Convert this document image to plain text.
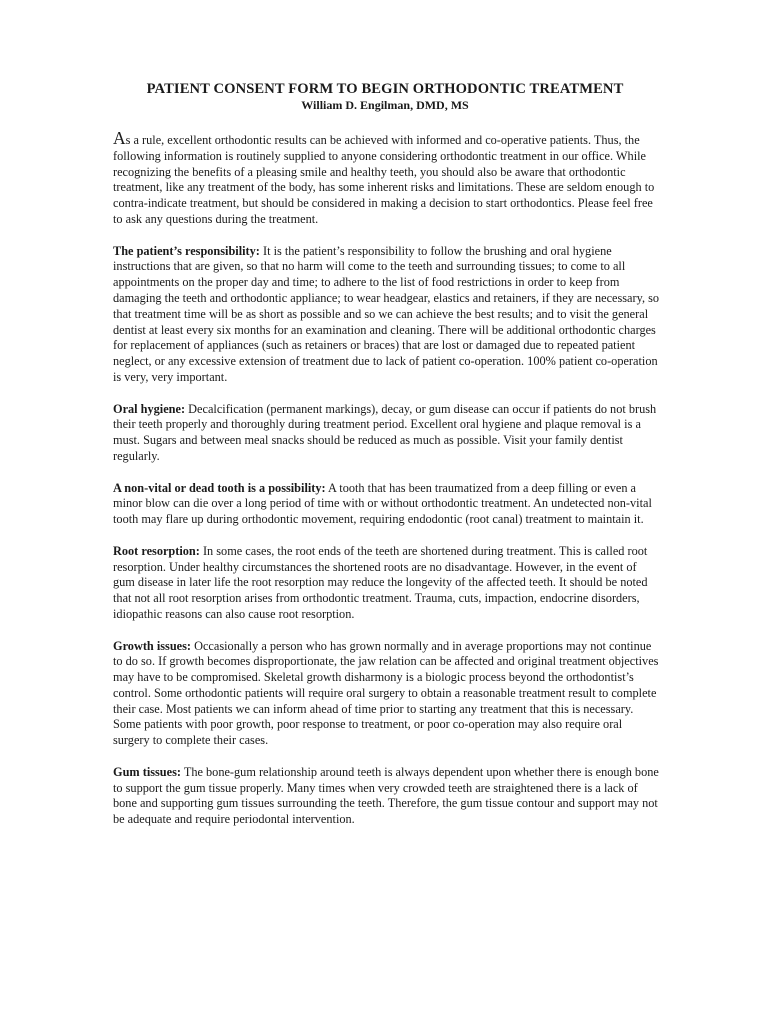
PATIENT CONSENT FORM TO BEGIN ORTHODONTIC TREATMENT
William D. Engilman, DMD, MS

As a rule, excellent orthodontic results can be achieved with informed and co-operative patients. Thus, the following information is routinely supplied to anyone considering orthodontic treatment in our office. While recognizing the benefits of a pleasing smile and healthy teeth, you should also be aware that orthodontic treatment, like any treatment of the body, has some inherent risks and limitations. These are seldom enough to contra-indicate treatment, but should be considered in making a decision to start orthodontics. Please feel free to ask any questions during the treatment.

The patient’s responsibility: It is the patient’s responsibility to follow the brushing and oral hygiene instructions that are given, so that no harm will come to the teeth and surrounding tissues; to come to all appointments on the proper day and time; to adhere to the list of food restrictions in order to keep from damaging the teeth and orthodontic appliance; to wear headgear, elastics and retainers, if they are necessary, so that treatment time will be as short as possible and so we can achieve the best results; and to visit the general dentist at least every six months for an examination and cleaning. There will be additional orthodontic charges for replacement of appliances (such as retainers or braces) that are lost or damaged due to repeated patient neglect, or any excessive extension of treatment due to lack of patient co-operation. 100% patient co-operation is very, very important.

Oral hygiene: Decalcification (permanent markings), decay, or gum disease can occur if patients do not brush their teeth properly and thoroughly during treatment period. Excellent oral hygiene and plaque removal is a must. Sugars and between meal snacks should be reduced as much as possible. Visit your family dentist regularly.

A non-vital or dead tooth is a possibility: A tooth that has been traumatized from a deep filling or even a minor blow can die over a long period of time with or without orthodontic treatment. An undetected non-vital tooth may flare up during orthodontic movement, requiring endodontic (root canal) treatment to maintain it.

Root resorption: In some cases, the root ends of the teeth are shortened during treatment. This is called root resorption. Under healthy circumstances the shortened roots are no disadvantage. However, in the event of gum disease in later life the root resorption may reduce the longevity of the affected teeth. It should be noted that not all root resorption arises from orthodontic treatment. Trauma, cuts, impaction, endocrine disorders, idiopathic reasons can also cause root resorption.

Growth issues: Occasionally a person who has grown normally and in average proportions may not continue to do so. If growth becomes disproportionate, the jaw relation can be affected and original treatment objectives may have to be compromised. Skeletal growth disharmony is a biologic process beyond the orthodontist’s control. Some orthodontic patients will require oral surgery to obtain a reasonable treatment result to complete their case. Most patients we can inform ahead of time prior to starting any treatment that this is necessary. Some patients with poor growth, poor response to treatment, or poor co-operation may also require oral surgery to complete their cases.

Gum tissues: The bone-gum relationship around teeth is always dependent upon whether there is enough bone to support the gum tissue properly. Many times when very crowded teeth are straightened there is a lack of bone and supporting gum tissues surrounding the teeth. Therefore, the gum tissue contour and support may not be adequate and require periodontal intervention.
